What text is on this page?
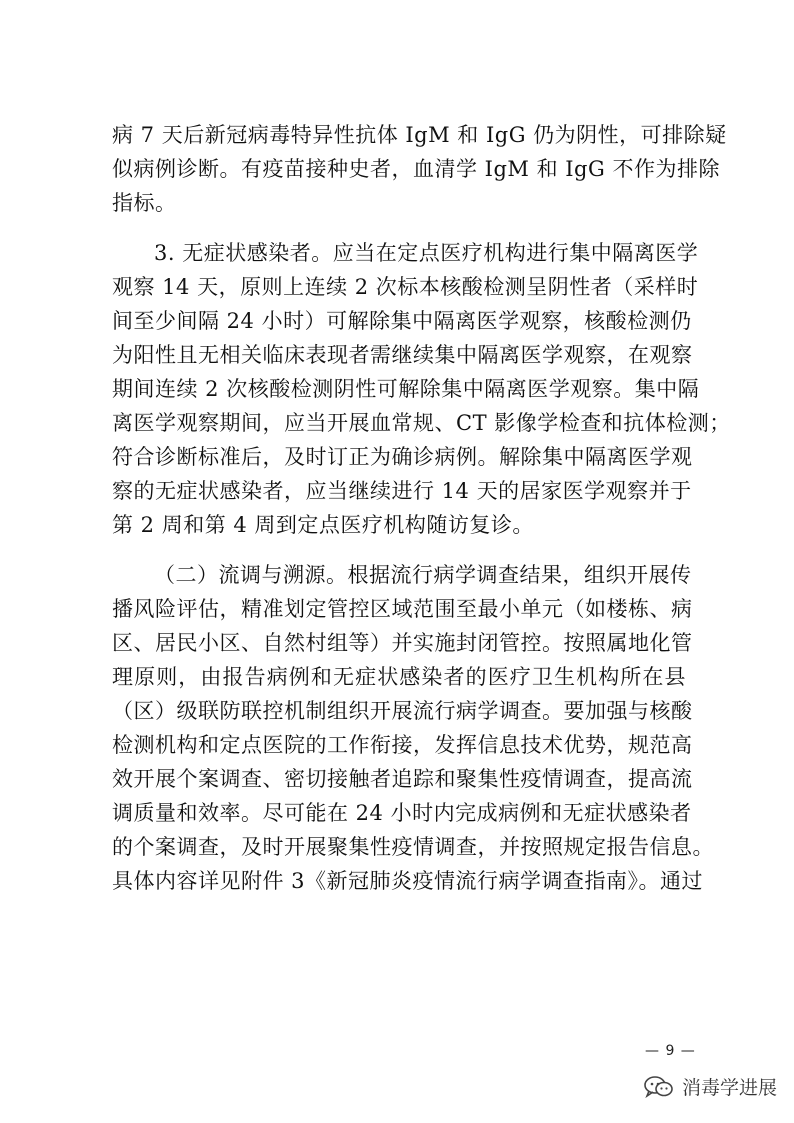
病 7 天后新冠病毒特异性抗体 IgM 和 IgG 仍为阴性，可排除疑
似病例诊断。有疫苗接种史者，血清学 IgM 和 IgG 不作为排除
指标。
3. 无症状感染者。应当在定点医疗机构进行集中隔离医学
观察 14 天，原则上连续 2 次标本核酸检测呈阴性者（采样时
间至少间隔 24 小时）可解除集中隔离医学观察，核酸检测仍
为阳性且无相关临床表现者需继续集中隔离医学观察，在观察
期间连续 2 次核酸检测阴性可解除集中隔离医学观察。集中隔
离医学观察期间，应当开展血常规、CT 影像学检查和抗体检测；
符合诊断标准后，及时订正为确诊病例。解除集中隔离医学观
察的无症状感染者，应当继续进行 14 天的居家医学观察并于
第 2 周和第 4 周到定点医疗机构随访复诊。
（二）流调与溯源。根据流行病学调查结果，组织开展传
播风险评估，精准划定管控区域范围至最小单元（如楼栋、病
区、居民小区、自然村组等）并实施封闭管控。按照属地化管
理原则，由报告病例和无症状感染者的医疗卫生机构所在县
（区）级联防联控机制组织开展流行病学调查。要加强与核酸
检测机构和定点医院的工作衔接，发挥信息技术优势，规范高
效开展个案调查、密切接触者追踪和聚集性疫情调查，提高流
调质量和效率。尽可能在 24 小时内完成病例和无症状感染者
的个案调查，及时开展聚集性疫情调查，并按照规定报告信息。
具体内容详见附件 3《新冠肺炎疫情流行病学调查指南》。通过
— 9 —
消毒学进展
